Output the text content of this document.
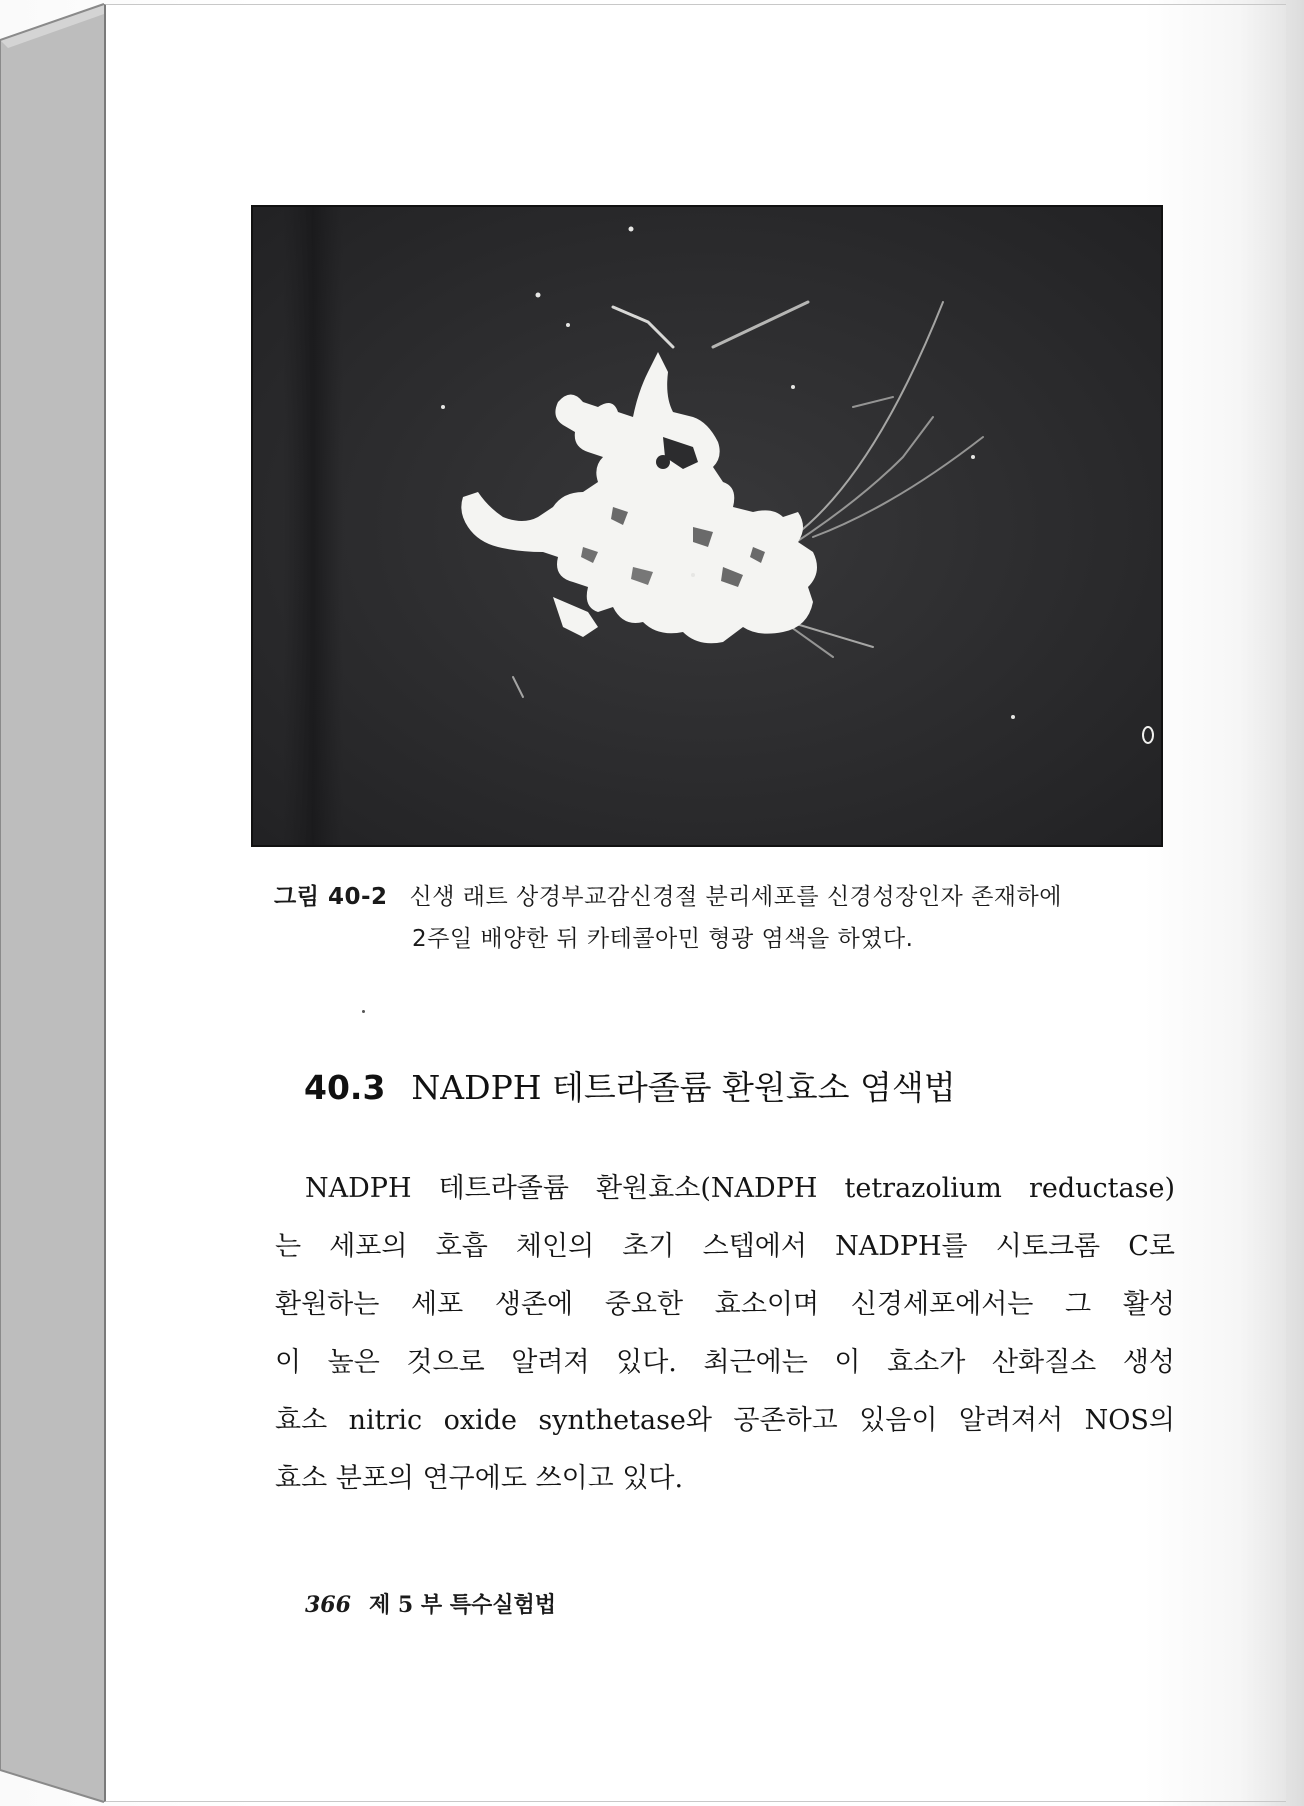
그림 40-2 신생 래트 상경부교감신경절 분리세포를 신경성장인자 존재하에
2주일 배양한 뒤 카테콜아민 형광 염색을 하였다.
40.3 NADPH 테트라졸륨 환원효소 염색법
NADPH 테트라졸륨 환원효소(NADPH tetrazolium reductase)
는 세포의 호흡 체인의 초기 스텝에서 NADPH를 시토크롬 C로
환원하는 세포 생존에 중요한 효소이며 신경세포에서는 그 활성
이 높은 것으로 알려져 있다. 최근에는 이 효소가 산화질소 생성
효소 nitric oxide synthetase와 공존하고 있음이 알려져서 NOS의
효소 분포의 연구에도 쓰이고 있다.
366 제 5 부 특수실험법
